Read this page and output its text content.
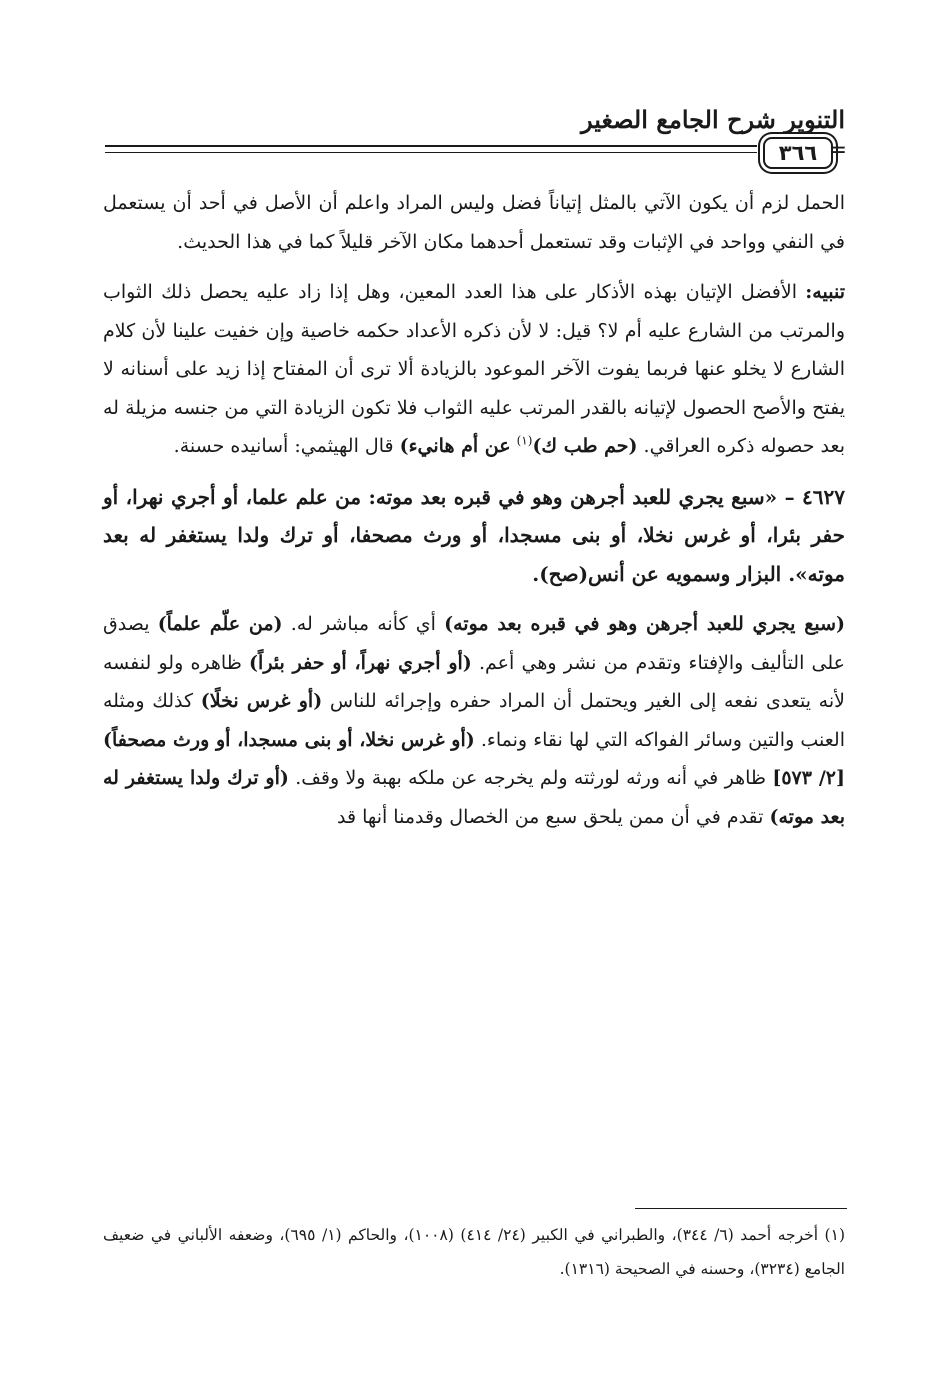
التنوير شرح الجامع الصغير
٣٦٦ =

الحمل لزم أن يكون الآتي بالمثل إتياناً فضل وليس المراد واعلم أن الأصل في أحد أن يستعمل في النفي وواحد في الإثبات وقد تستعمل أحدهما مكان الآخر قليلاً كما في هذا الحديث.

تنبيه: الأفضل الإتيان بهذه الأذكار على هذا العدد المعين، وهل إذا زاد عليه يحصل ذلك الثواب والمرتب من الشارع عليه أم لا؟ قيل: لا لأن ذكره الأعداد حكمه خاصية وإن خفيت علينا لأن كلام الشارع لا يخلو عنها فربما يفوت الآخر الموعود بالزيادة ألا ترى أن المفتاح إذا زيد على أسنانه لا يفتح والأصح الحصول لإتيانه بالقدر المرتب عليه الثواب فلا تكون الزيادة التي من جنسه مزيلة له بعد حصوله ذكره العراقي. (حم طب ك)$^{(١)}$ عن أم هانيء) قال الهيثمي: أسانيده حسنة.

٤٦٢٧ – «سبع يجري للعبد أجرهن وهو في قبره بعد موته: من علم علما، أو أجري نهرا، أو حفر بئرا، أو غرس نخلا، أو بنى مسجدا، أو ورث مصحفا، أو ترك ولدا يستغفر له بعد موته». البزار وسمويه عن أنس(صح).

(سبع يجري للعبد أجرهن وهو في قبره بعد موته) أي كأنه مباشر له. (من علّم علماً) يصدق على التأليف والإفتاء وتقدم من نشر وهي أعم. (أو أجري نهراً، أو حفر بئراً) ظاهره ولو لنفسه لأنه يتعدى نفعه إلى الغير ويحتمل أن المراد حفره وإجرائه للناس (أو غرس نخلًا) كذلك ومثله العنب والتين وسائر الفواكه التي لها نقاء ونماء. (أو غرس نخلا، أو بنى مسجدا، أو ورث مصحفاً) [٢/ ٥٧٣] ظاهر في أنه ورثه لورثته ولم يخرجه عن ملكه بهبة ولا وقف. (أو ترك ولدا يستغفر له بعد موته) تقدم في أن ممن يلحق سبع من الخصال وقدمنا أنها قد

(١) أخرجه أحمد (٦/ ٣٤٤)، والطبراني في الكبير (٢٤/ ٤١٤) (١٠٠٨)، والحاكم (١/ ٦٩٥)، وضعفه الألباني في ضعيف الجامع (٣٢٣٤)، وحسنه في الصحيحة (١٣١٦).
